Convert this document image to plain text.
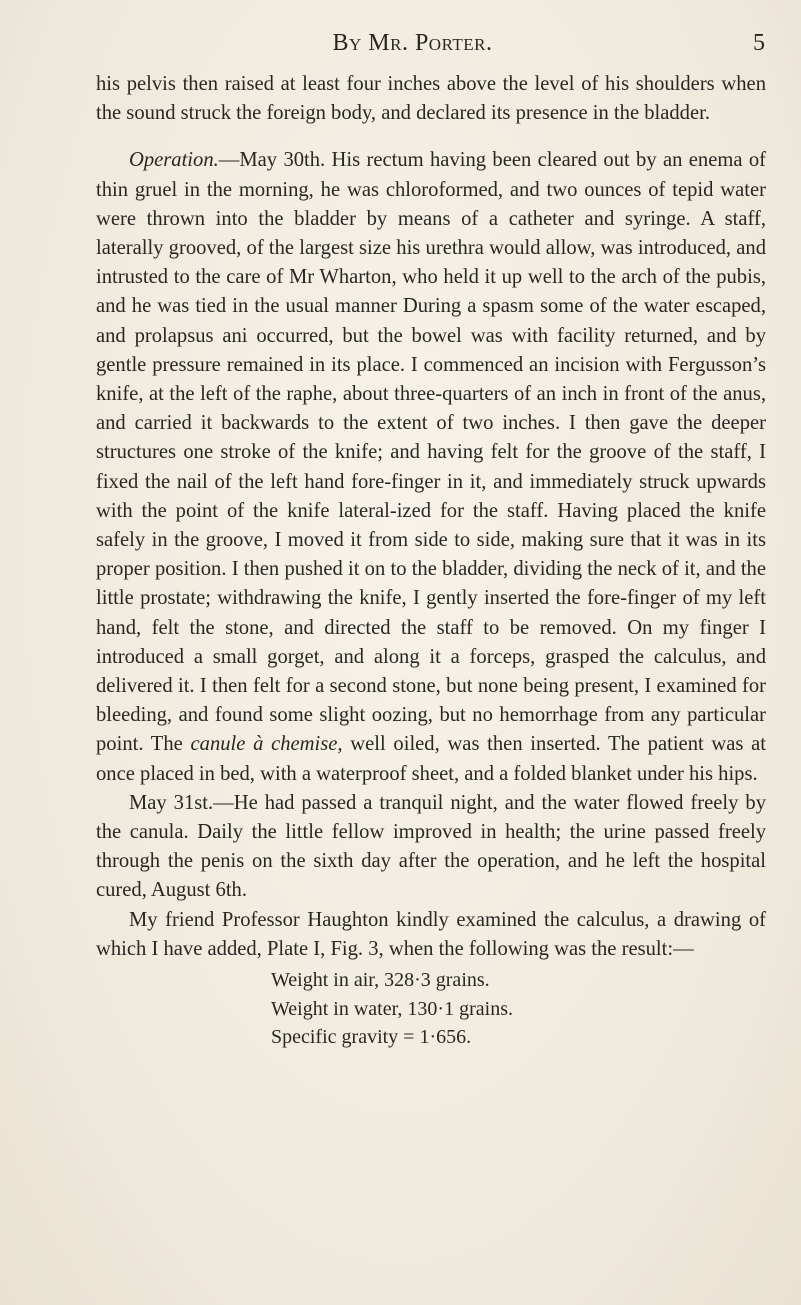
By Mr. Porter.	5

his pelvis then raised at least four inches above the level of his shoulders when the sound struck the foreign body, and declared its presence in the bladder.

Operation.—May 30th. His rectum having been cleared out by an enema of thin gruel in the morning, he was chloroformed, and two ounces of tepid water were thrown into the bladder by means of a catheter and syringe. A staff, laterally grooved, of the largest size his urethra would allow, was introduced, and intrusted to the care of Mr Wharton, who held it up well to the arch of the pubis, and he was tied in the usual manner During a spasm some of the water escaped, and prolapsus ani occurred, but the bowel was with facility returned, and by gentle pressure remained in its place. I commenced an incision with Fergusson’s knife, at the left of the raphe, about three-quarters of an inch in front of the anus, and carried it backwards to the extent of two inches. I then gave the deeper structures one stroke of the knife; and having felt for the groove of the staff, I fixed the nail of the left hand fore-finger in it, and immediately struck upwards with the point of the knife lateral-ized for the staff. Having placed the knife safely in the groove, I moved it from side to side, making sure that it was in its proper position. I then pushed it on to the bladder, dividing the neck of it, and the little prostate; withdrawing the knife, I gently inserted the fore-finger of my left hand, felt the stone, and directed the staff to be removed. On my finger I introduced a small gorget, and along it a forceps, grasped the calculus, and delivered it. I then felt for a second stone, but none being present, I examined for bleeding, and found some slight oozing, but no hemorrhage from any particular point. The canule à chemise, well oiled, was then inserted. The patient was at once placed in bed, with a waterproof sheet, and a folded blanket under his hips.

May 31st.—He had passed a tranquil night, and the water flowed freely by the canula. Daily the little fellow improved in health; the urine passed freely through the penis on the sixth day after the operation, and he left the hospital cured, August 6th.

My friend Professor Haughton kindly examined the calculus, a drawing of which I have added, Plate I, Fig. 3, when the following was the result:—

Weight in air, 328·3 grains.
Weight in water, 130·1 grains.
Specific gravity = 1·656.
